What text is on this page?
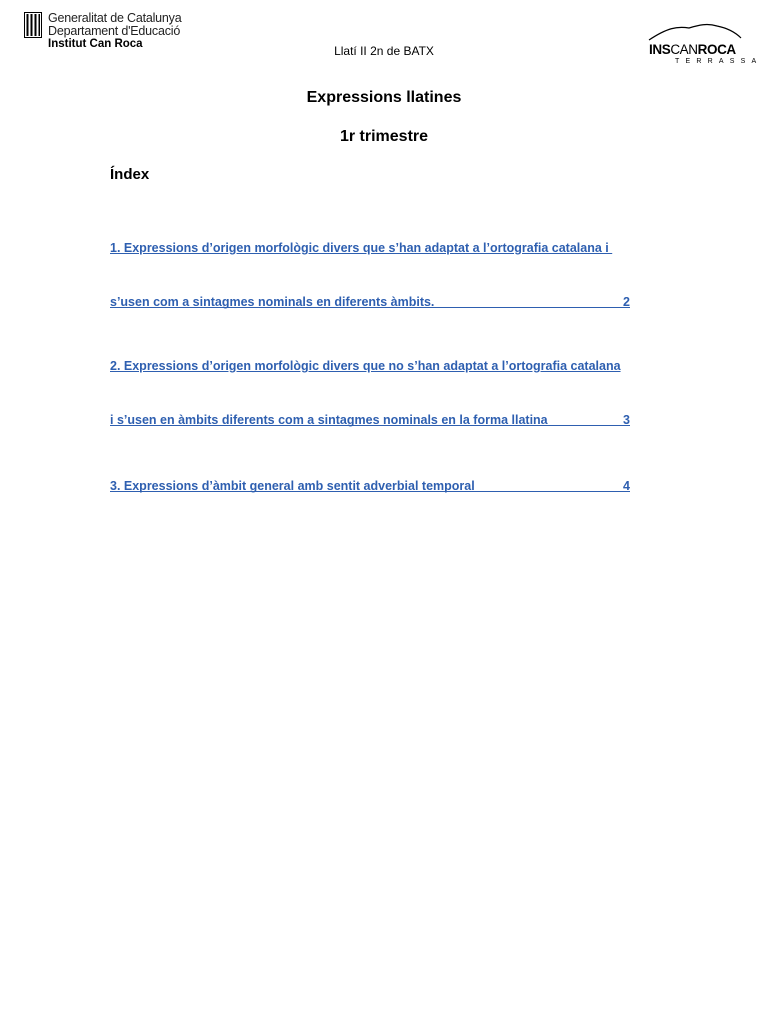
Generalitat de Catalunya
Departament d'Educació
Institut Can Roca	Llatí II 2n de BATX	INSCANROCA
TERRASSA
Expressions llatines
1r trimestre
Índex
1. Expressions d’origen morfològic divers que s’han adaptat a l’ortografia catalana i
s’usen com a sintagmes nominals en diferents àmbits.	2
2. Expressions d’origen morfològic divers que no s’han adaptat a l’ortografia catalana
i s’usen en àmbits diferents com a sintagmes nominals en la forma llatina	3
3. Expressions d’àmbit general amb sentit adverbial temporal	4
